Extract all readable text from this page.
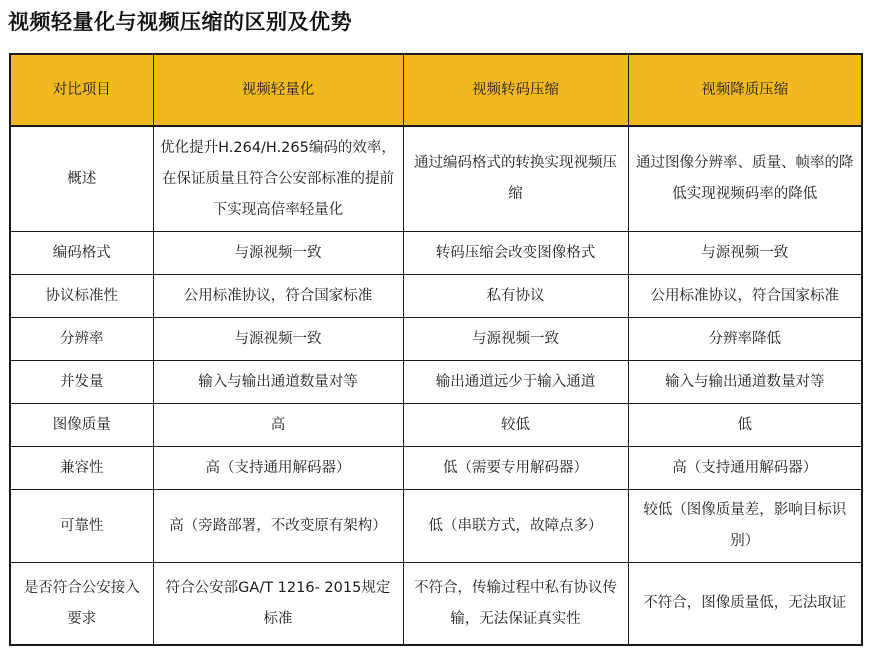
视频轻量化与视频压缩的区别及优势
对比项目	视频轻量化	视频转码压缩	视频降质压缩
概述	优化提升H.264/H.265编码的效率，在保证质量且符合公安部标准的提前下实现高倍率轻量化	通过编码格式的转换实现视频压缩	通过图像分辨率、质量、帧率的降低实现视频码率的降低
编码格式	与源视频一致	转码压缩会改变图像格式	与源视频一致
协议标准性	公用标准协议，符合国家标准	私有协议	公用标准协议，符合国家标准
分辨率	与源视频一致	与源视频一致	分辨率降低
并发量	输入与输出通道数量对等	输出通道远少于输入通道	输入与输出通道数量对等
图像质量	高	较低	低
兼容性	高（支持通用解码器）	低（需要专用解码器）	高（支持通用解码器）
可靠性	高（旁路部署，不改变原有架构）	低（串联方式，故障点多）	较低（图像质量差，影响目标识别）
是否符合公安接入要求	符合公安部GA/T 1216- 2015规定标准	不符合，传输过程中私有协议传输，无法保证真实性	不符合，图像质量低，无法取证
